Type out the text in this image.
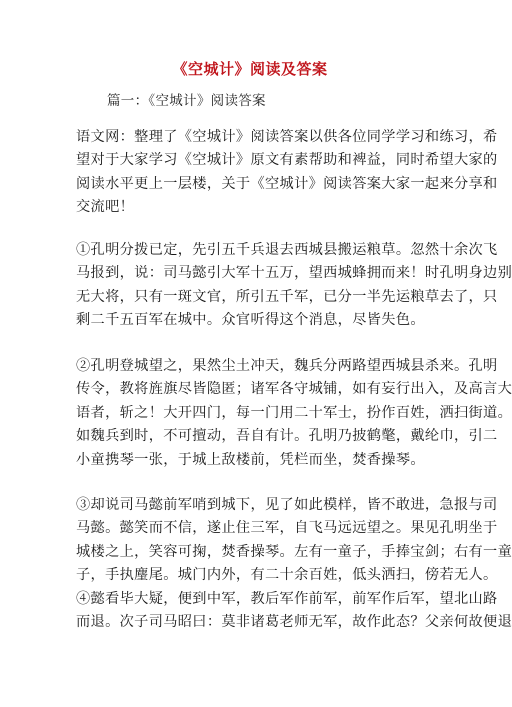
《空城计》阅读及答案
篇一：《空城计》阅读答案
语文网：整理了《空城计》阅读答案以供各位同学学习和练习，希
望对于大家学习《空城计》原文有素帮助和裨益，同时希望大家的
阅读水平更上一层楼，关于《空城计》阅读答案大家一起来分享和
交流吧！
①孔明分拨已定，先引五千兵退去西城县搬运粮草。忽然十余次飞
马报到，说：司马懿引大军十五万，望西城蜂拥而来！时孔明身边别
无大将，只有一斑文官，所引五千军，已分一半先运粮草去了，只
剩二千五百军在城中。众官听得这个消息，尽皆失色。
②孔明登城望之，果然尘土冲天，魏兵分两路望西城县杀来。孔明
传令，教将旌旗尽皆隐匿；诸军各守城铺，如有妄行出入，及高言大
语者，斩之！大开四门，每一门用二十军士，扮作百姓，洒扫街道。
如魏兵到时，不可擅动，吾自有计。孔明乃披鹤氅，戴纶巾，引二
小童携琴一张，于城上敌楼前，凭栏而坐，焚香操琴。
③却说司马懿前军哨到城下，见了如此模样，皆不敢进，急报与司
马懿。懿笑而不信，遂止住三军，自飞马远远望之。果见孔明坐于
城楼之上，笑容可掬，焚香操琴。左有一童子，手捧宝剑；右有一童
子，手执麈尾。城门内外，有二十余百姓，低头洒扫，傍若无人。
④懿看毕大疑，便到中军，教后军作前军，前军作后军，望北山路
而退。次子司马昭曰：莫非诸葛老师无军，故作此态？父亲何故便退
